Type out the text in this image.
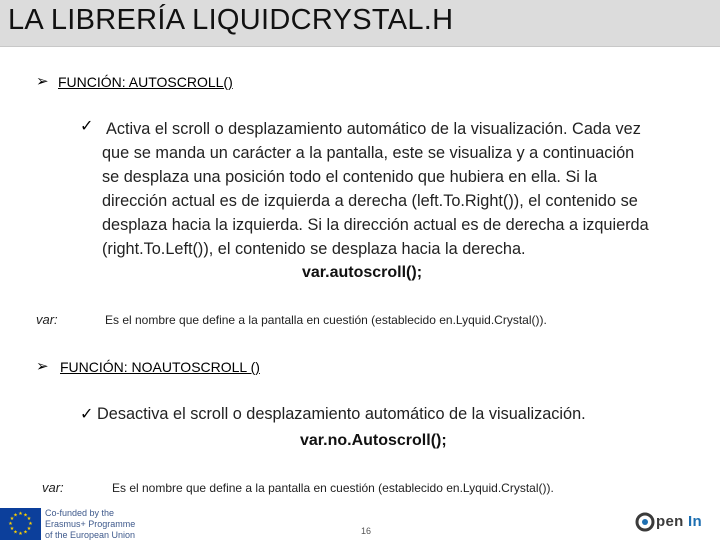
LA LIBRERÍA LIQUIDCRYSTAL.H
➢ FUNCIÓN: AUTOSCROLL()
✓ Activa el scroll o desplazamiento automático de la visualización. Cada vez
que se manda un carácter a la pantalla, este se visualiza y a continuación
se desplaza una posición todo el contenido que hubiera en ella. Si la
dirección actual es de izquierda a derecha (left.To.Right()), el contenido se
desplaza hacia la izquierda. Si la dirección actual es de derecha a izquierda
(right.To.Left()), el contenido se desplaza hacia la derecha.
var.autoscroll();
var:	Es el nombre que define a la pantalla en cuestión (establecido en.Lyquid.Crystal()).
➢ FUNCIÓN: NOAUTOSCROLL ()
✓ Desactiva el scroll o desplazamiento automático de la visualización.
var.no.Autoscroll();
var:	Es el nombre que define a la pantalla en cuestión (establecido en.Lyquid.Crystal()).
★ ★
★
★
★
★
★
★
★
★
★
★	Co-funded by the
Erasmus+ Programme
of the European Union	16
pen In
